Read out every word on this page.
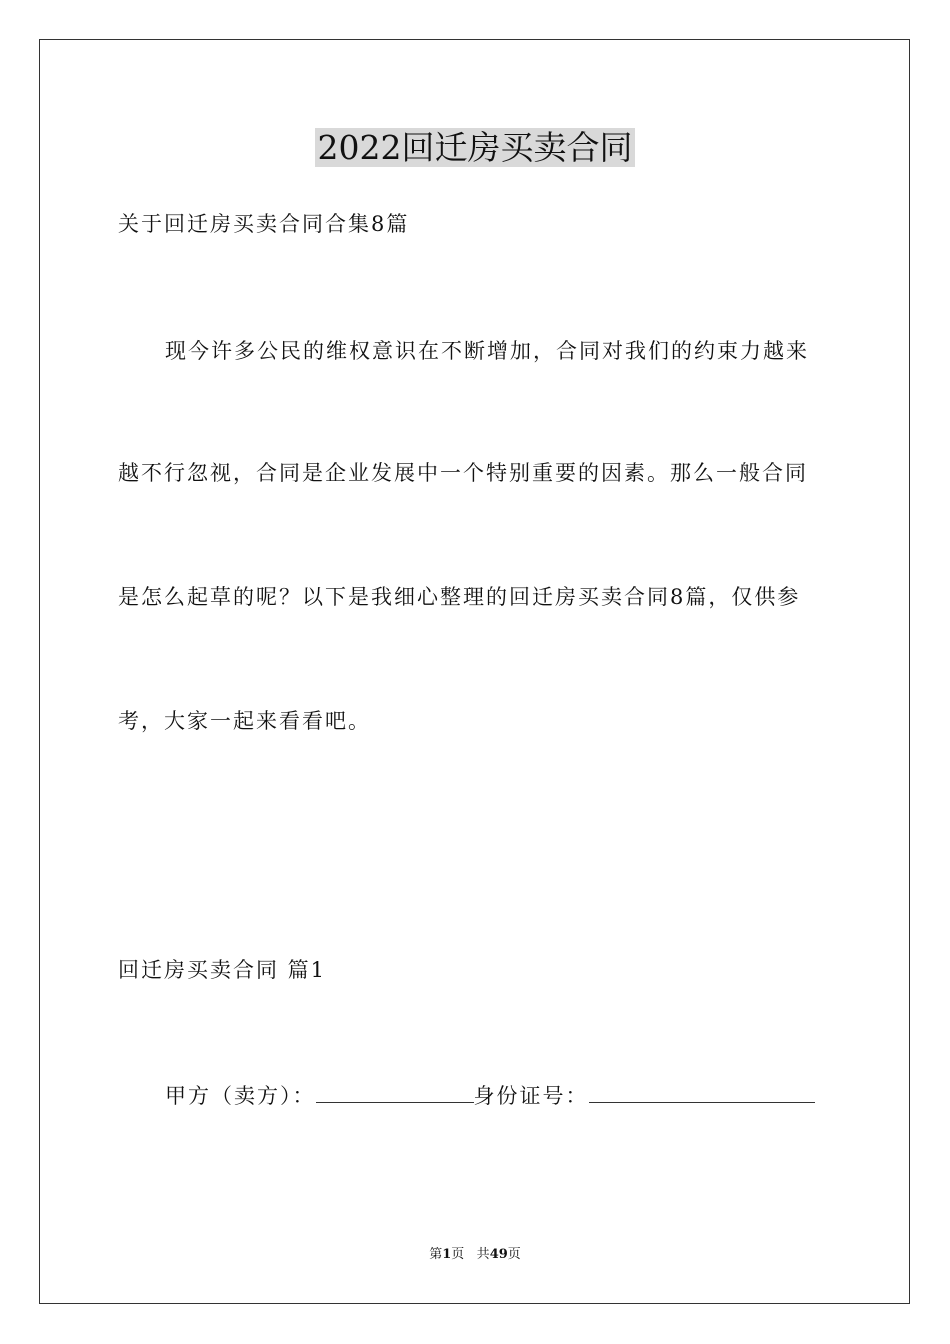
2022回迁房买卖合同
关于回迁房买卖合同合集8篇
现今许多公民的维权意识在不断增加，合同对我们的约束力越来
越不行忽视，合同是企业发展中一个特别重要的因素。那么一般合同
是怎么起草的呢？以下是我细心整理的回迁房买卖合同8篇，仅供参
考，大家一起来看看吧。
回迁房买卖合同 篇1
甲方（卖方）：	身份证号：
第1页 共49页
